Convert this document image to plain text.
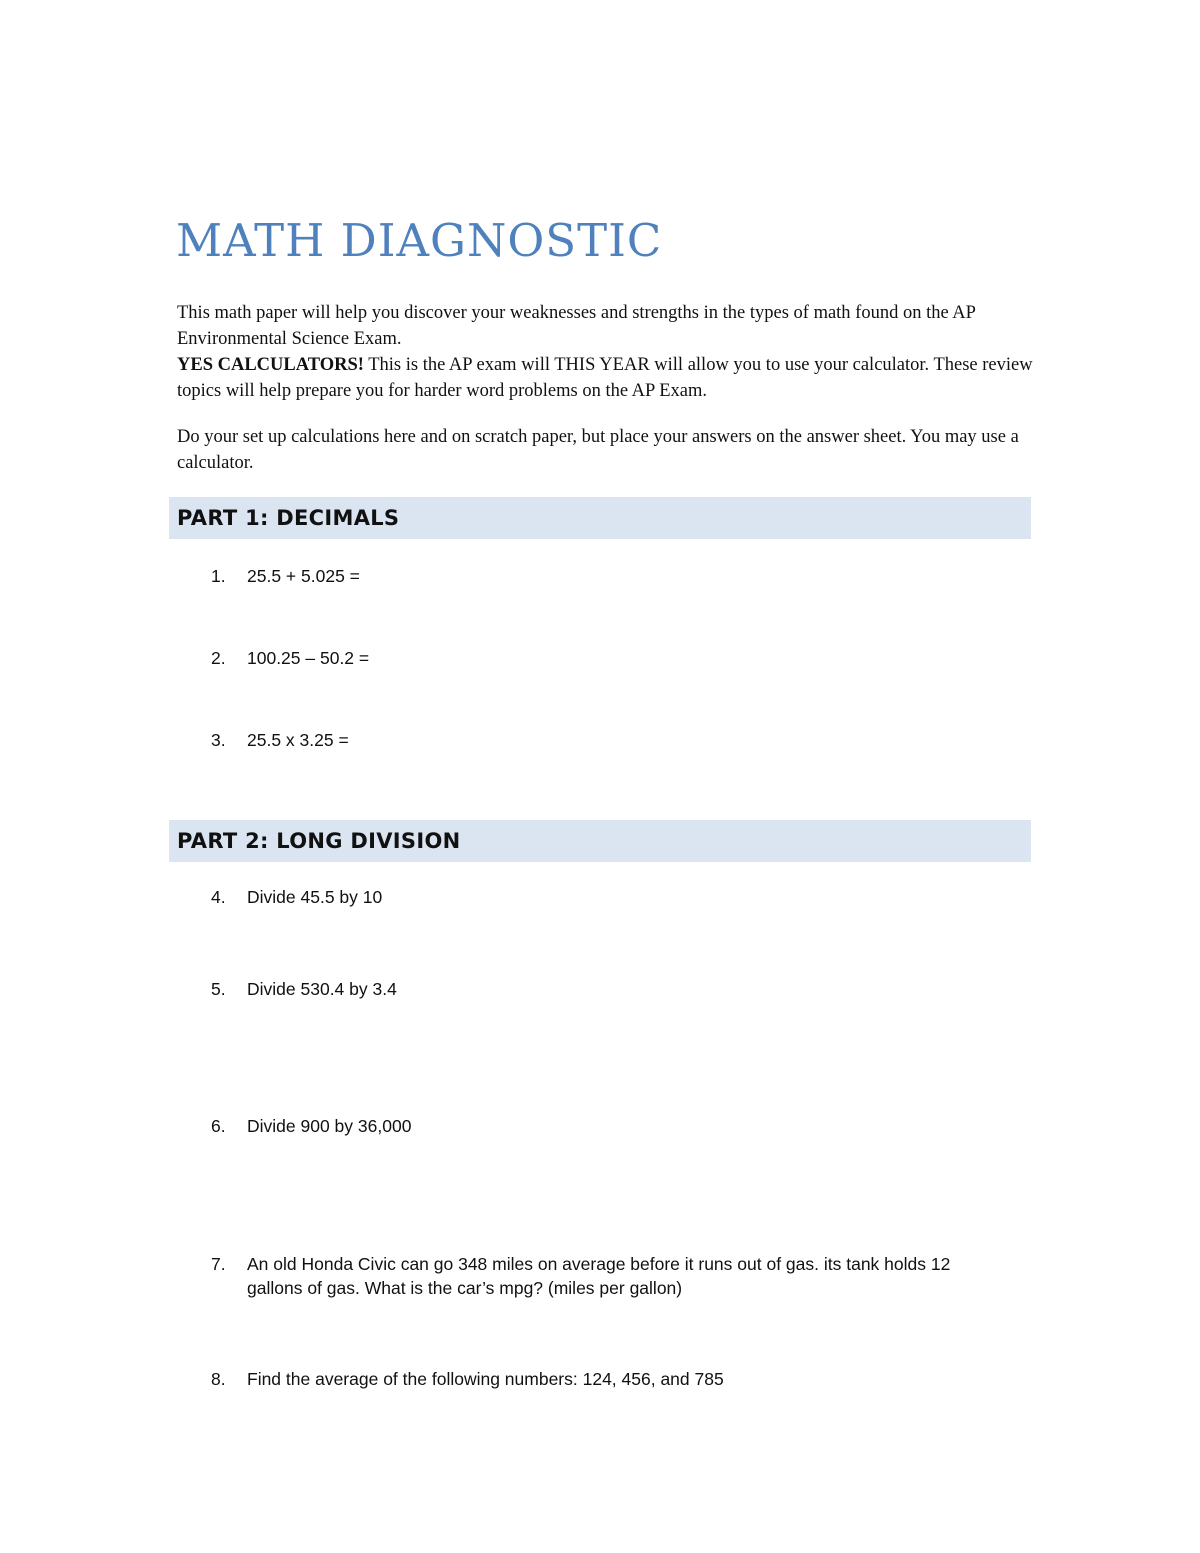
MATH DIAGNOSTIC

This math paper will help you discover your weaknesses and strengths in the types of math found on the AP Environmental Science Exam.
YES CALCULATORS! This is the AP exam will THIS YEAR will allow you to use your calculator. These review topics will help prepare you for harder word problems on the AP Exam.

Do your set up calculations here and on scratch paper, but place your answers on the answer sheet. You may use a calculator.

PART 1: DECIMALS
1.	25.5 + 5.025 =
2.	100.25 – 50.2 =
3.	25.5 x 3.25 =
PART 2: LONG DIVISION
4.	Divide 45.5 by 10
5.	Divide 530.4 by 3.4
6.	Divide 900 by 36,000
7.	An old Honda Civic can go 348 miles on average before it runs out of gas. its tank holds 12 gallons of gas. What is the car’s mpg? (miles per gallon)
8.	Find the average of the following numbers: 124, 456, and 785
